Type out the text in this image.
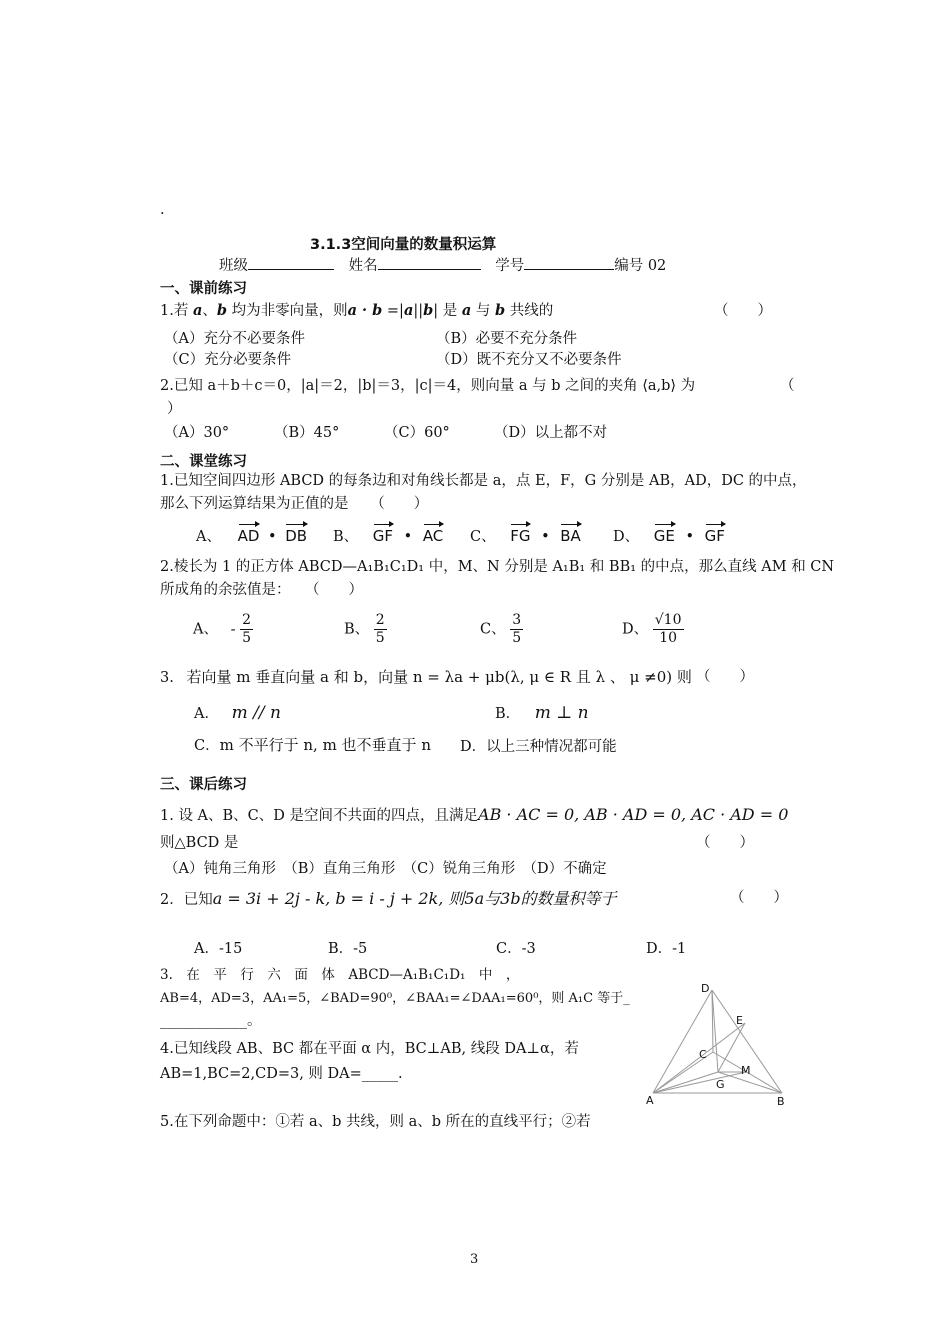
·
3.1.3空间向量的数量积运算
班级	姓名	学号	编号 02
一、课前练习
1.若 a、b 均为非零向量，则a · b =|a||b| 是 a 与 b 共线的	（　　）
（A）充分不必要条件	（B）必要不充分条件
（C）充分必要条件	（D）既不充分又不必要条件
2.已知 a＋b＋c＝0，|a|＝2，|b|＝3，|c|＝4，则向量 a 与 b 之间的夹角 ⟨a,b⟩ 为	（
）
（A）30°	（B）45°	（C）60°	（D）以上都不对
二、课堂练习
1.已知空间四边形 ABCD 的每条边和对角线长都是 a，点 E，F，G 分别是 AB，AD，DC 的中点，
那么下列运算结果为正值的是　　（　　）
A、 AD • DB B、 GF • AC C、 FG • BA D、 GE • GF
2.棱长为 1 的正方体 ABCD—A₁B₁C₁D₁ 中，M、N 分别是 A₁B₁ 和 BB₁ 的中点，那么直线 AM 和 CN
所成角的余弦值是：　　（　　）
A、 - $\frac{2}{5}$	B、 $\frac{2}{5}$	C、 $\frac{3}{5}$	D、 $\frac{√10}{10}$
3. 若向量 m 垂直向量 a 和 b，向量 n = λa + μb(λ, μ ∈ R 且 λ 、 μ ≠0) 则 （　　）
A． m // n	B． m ⊥ n
C．m 不平行于 n, m 也不垂直于 n D．以上三种情况都可能
三、课后练习
1. 设 A、B、C、D 是空间不共面的四点，且满足AB · AC = 0, AB · AD = 0, AC · AD = 0
则△BCD 是	（　　）
（A）钝角三角形　（B）直角三角形　（C）锐角三角形　（D）不确定
2．已知a = 3i + 2j - k, b = i - j + 2k, 则5a与3b的数量积等于	（　　）
A．-15	B．-5	C．-3	D．-1
3.　在　平　行　六　面　体　ABCD—A₁B₁C₁D₁　中　，
AB=4，AD=3，AA₁=5，∠BAD=90⁰，∠BAA₁=∠DAA₁=60⁰，则 A₁C 等于_
____________。
4.已知线段 AB、BC 都在平面 α 内，BC⊥AB, 线段 DA⊥α，若
AB=1,BC=2,CD=3, 则 DA=_____.
5.在下列命题中：①若 a、b 共线，则 a、b 所在的直线平行；②若
D
E
C
M
G
A	B
3
